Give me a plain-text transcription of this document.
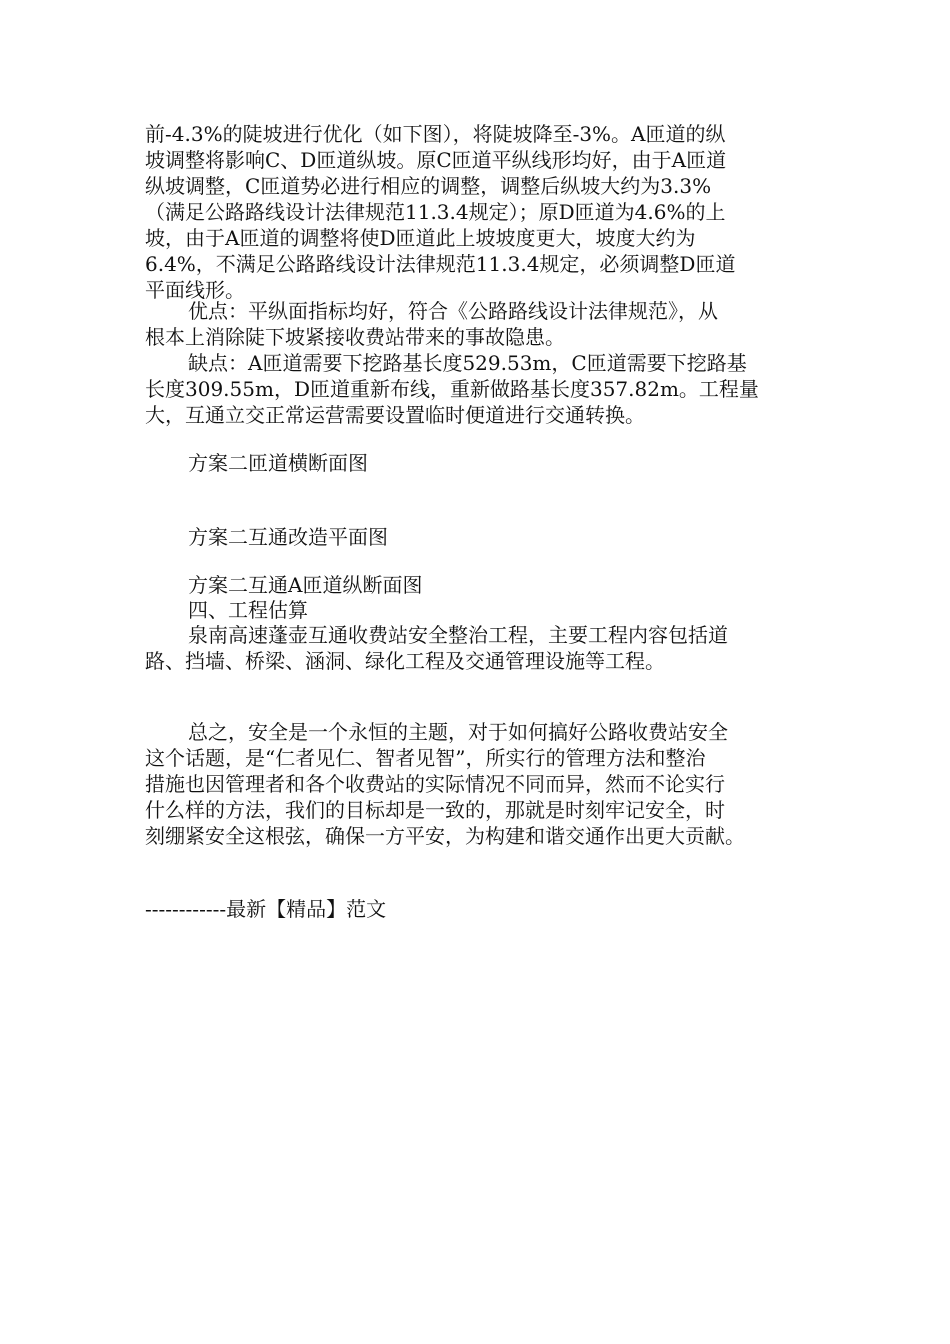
前-4.3%的陡坡进行优化（如下图），将陡坡降至-3%。A匝道的纵
坡调整将影响C、D匝道纵坡。原C匝道平纵线形均好，由于A匝道
纵坡调整，C匝道势必进行相应的调整，调整后纵坡大约为3.3%
（满足公路路线设计法律规范11.3.4规定）；原D匝道为4.6%的上
坡，由于A匝道的调整将使D匝道此上坡坡度更大，坡度大约为
6.4%，不满足公路路线设计法律规范11.3.4规定，必须调整D匝道
平面线形。
优点：平纵面指标均好，符合《公路路线设计法律规范》，从
根本上消除陡下坡紧接收费站带来的事故隐患。
缺点：A匝道需要下挖路基长度529.53m，C匝道需要下挖路基
长度309.55m，D匝道重新布线，重新做路基长度357.82m。工程量
大，互通立交正常运营需要设置临时便道进行交通转换。
方案二匝道横断面图
方案二互通改造平面图
方案二互通A匝道纵断面图
四、工程估算
泉南高速蓬壶互通收费站安全整治工程，主要工程内容包括道
路、挡墙、桥梁、涵洞、绿化工程及交通管理设施等工程。
总之，安全是一个永恒的主题，对于如何搞好公路收费站安全
这个话题，是“仁者见仁、智者见智”，所实行的管理方法和整治
措施也因管理者和各个收费站的实际情况不同而异，然而不论实行
什么样的方法，我们的目标却是一致的，那就是时刻牢记安全，时
刻绷紧安全这根弦，确保一方平安，为构建和谐交通作出更大贡献。
------------最新【精品】范文
